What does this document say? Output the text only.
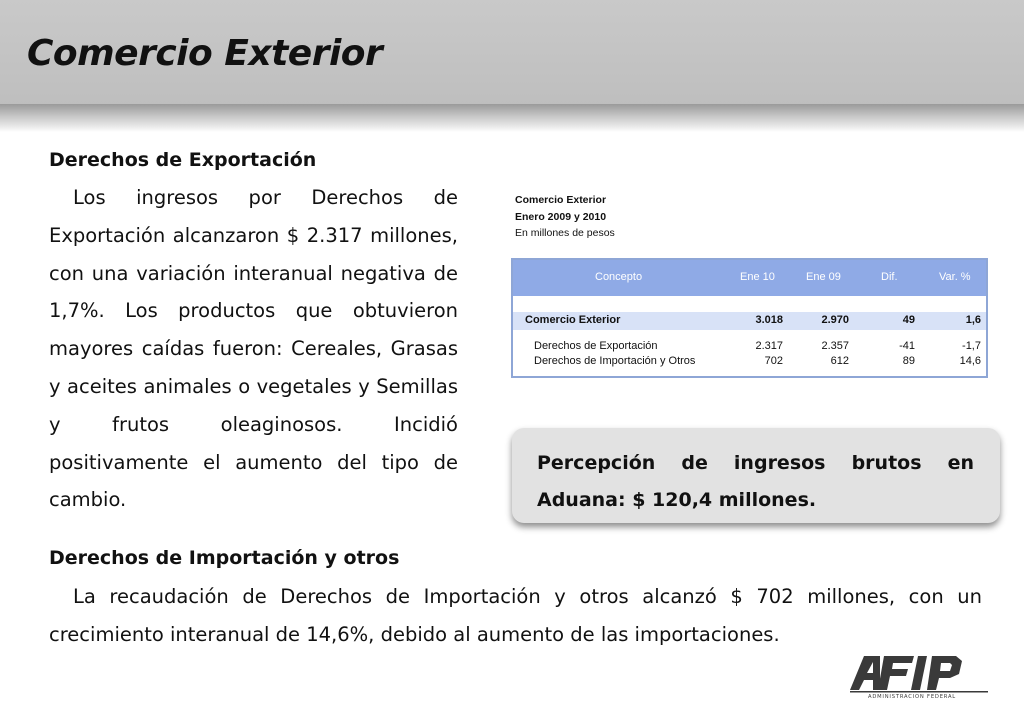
Comercio Exterior
Derechos de Exportación

Los ingresos por Derechos de Exportación alcanzaron $ 2.317 millones, con una variación interanual negativa de 1,7%. Los productos que obtuvieron mayores caídas fueron: Cereales, Grasas y aceites animales o vegetales y Semillas y frutos oleaginosos. Incidió positivamente el aumento del tipo de cambio.

Comercio Exterior
Enero 2009 y 2010
En millones de pesos
Concepto	Ene 10	Ene 09	Dif.	Var. %
Comercio Exterior	3.018	2.970	49	1,6
Derechos de Exportación	2.317	2.357	-41	-1,7
Derechos de Importación y Otros	702	612	89	14,6

Percepción de ingresos brutos en Aduana: $ 120,4 millones.

Derechos de Importación y otros

La recaudación de Derechos de Importación y otros alcanzó $ 702 millones, con un crecimiento interanual de 14,6%, debido al aumento de las importaciones.

ADMINISTRACION FEDERAL
